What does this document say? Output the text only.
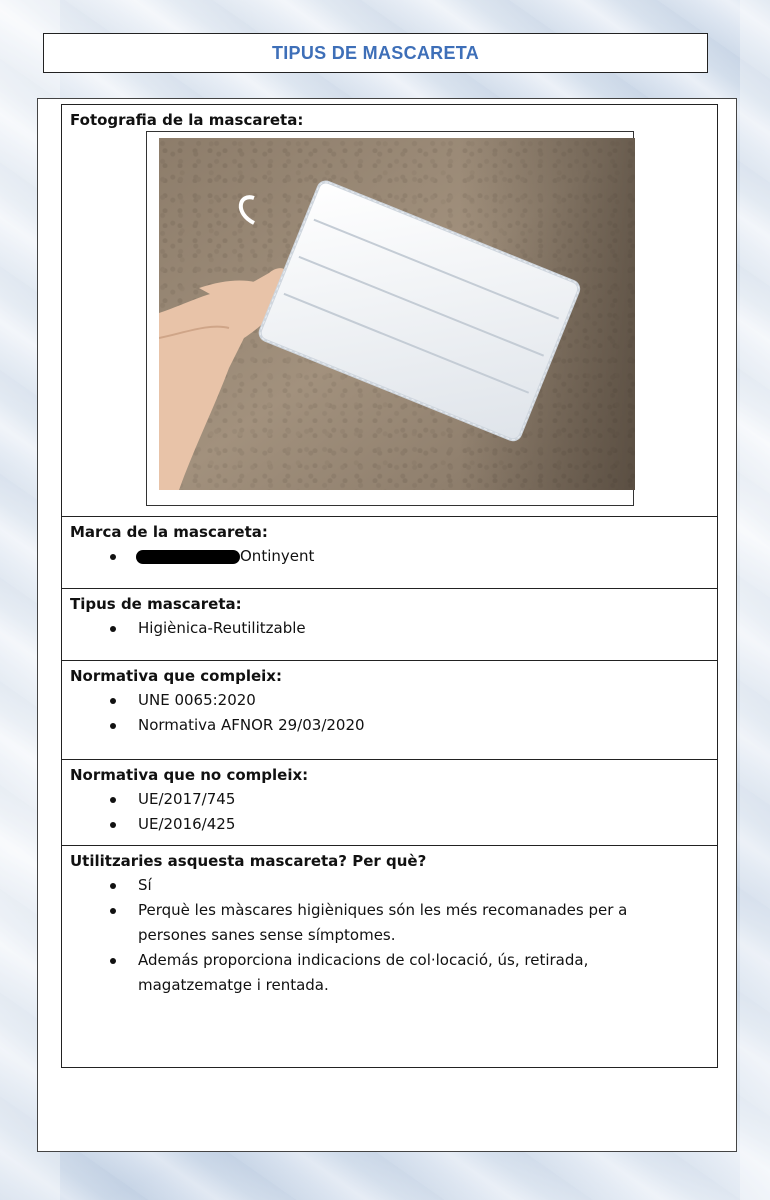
TIPUS DE MASCARETA
Fotografia de la mascareta:
Marca de la mascareta:
Ontinyent
Tipus de mascareta:
Higiènica-Reutilitzable
Normativa que compleix:
UNE 0065:2020
Normativa AFNOR 29/03/2020
Normativa que no compleix:
UE/2017/745
UE/2016/425
Utilitzaries asquesta mascareta? Per què?
Sí
Perquè les màscares higièniques són les més recomanades per a persones sanes sense símptomes.
Además proporciona indicacions de col·locació, ús, retirada, magatzematge i rentada.
